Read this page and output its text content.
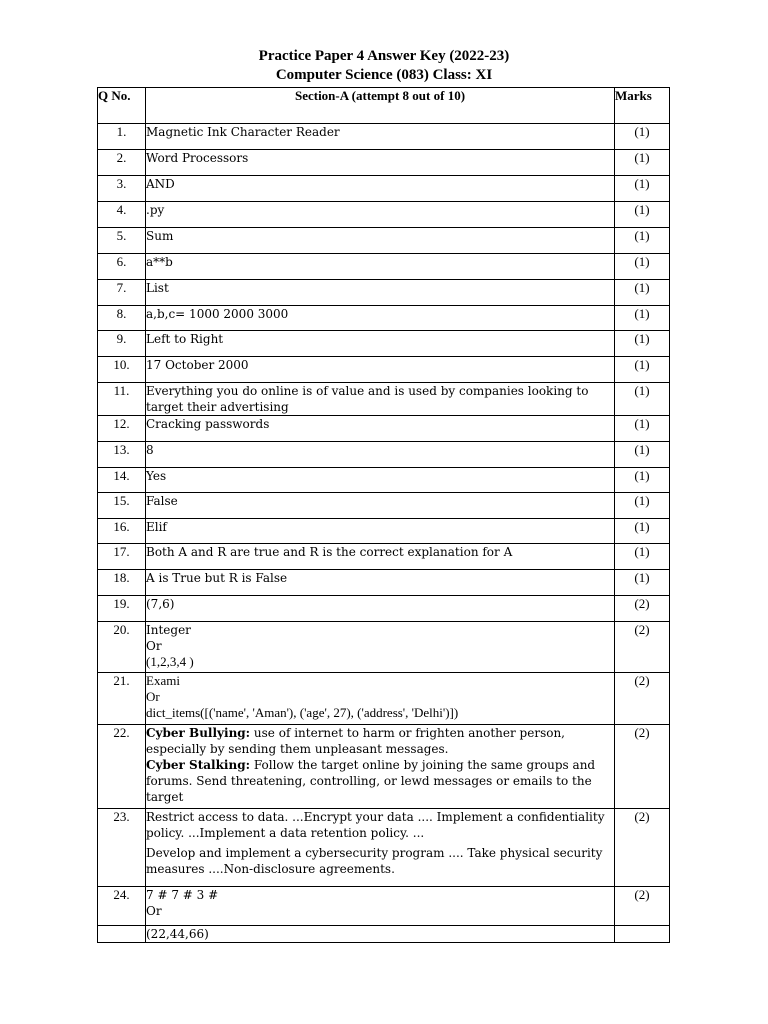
Practice Paper 4 Answer Key (2022-23)
Computer Science (083) Class: XI
Q No.	Section-A (attempt 8 out of 10)	Marks
1.	Magnetic Ink Character Reader	(1)
2.	Word Processors	(1)
3.	AND	(1)
4.	.py	(1)
5.	Sum	(1)
6.	a**b	(1)
7.	List	(1)
8.	a,b,c= 1000 2000 3000	(1)
9.	Left to Right	(1)
10.	17 October 2000	(1)
11.	Everything you do online is of value and is used by companies looking to target their advertising	(1)
12.	Cracking passwords	(1)
13.	8	(1)
14.	Yes	(1)
15.	False	(1)
16.	Elif	(1)
17.	Both A and R are true and R is the correct explanation for A	(1)
18.	A is True but R is False	(1)
19.	(7,6)	(2)
20.	Integer
Or
(1,2,3,4 )	(2)
21.	Exami
Or
dict_items([('name', 'Aman'), ('age', 27), ('address', 'Delhi')])	(2)
22.	Cyber Bullying: use of internet to harm or frighten another person, especially by sending them unpleasant messages.
Cyber Stalking: Follow the target online by joining the same groups and forums. Send threatening, controlling, or lewd messages or emails to the target	(2)
23.	Restrict access to data. ...Encrypt your data .... Implement a confidentiality policy. ...Implement a data retention policy. ...
Develop and implement a cybersecurity program .... Take physical security measures ....Non-disclosure agreements.	(2)
24.	7 # 7 # 3 #
Or	(2)
	(22,44,66)	
